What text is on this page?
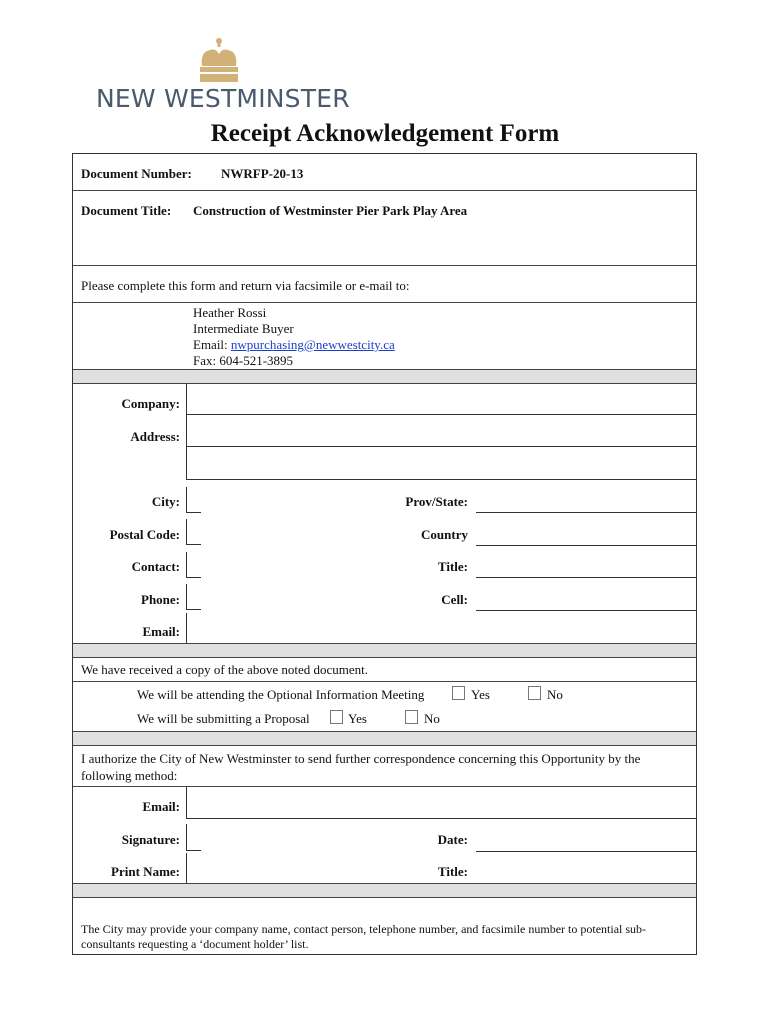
NEW WESTMINSTER
Receipt Acknowledgement Form
Document Number: NWRFP-20-13
Document Title: Construction of Westminster Pier Park Play Area
Please complete this form and return via facsimile or e-mail to:
Heather Rossi
Intermediate Buyer
Email: nwpurchasing@newwestcity.ca
Fax: 604-521-3895
Company:
Address:
City:	Prov/State:
Postal Code:	Country
Contact:	Title:
Phone:	Cell:
Email:
We have received a copy of the above noted document.
We will be attending the Optional Information Meeting	Yes	No
We will be submitting a Proposal	Yes	No
I authorize the City of New Westminster to send further correspondence concerning this Opportunity by the following method:
Email:
Signature:	Date:
Print Name:	Title:
The City may provide your company name, contact person, telephone number, and facsimile number to potential sub-consultants requesting a ‘document holder’ list.
